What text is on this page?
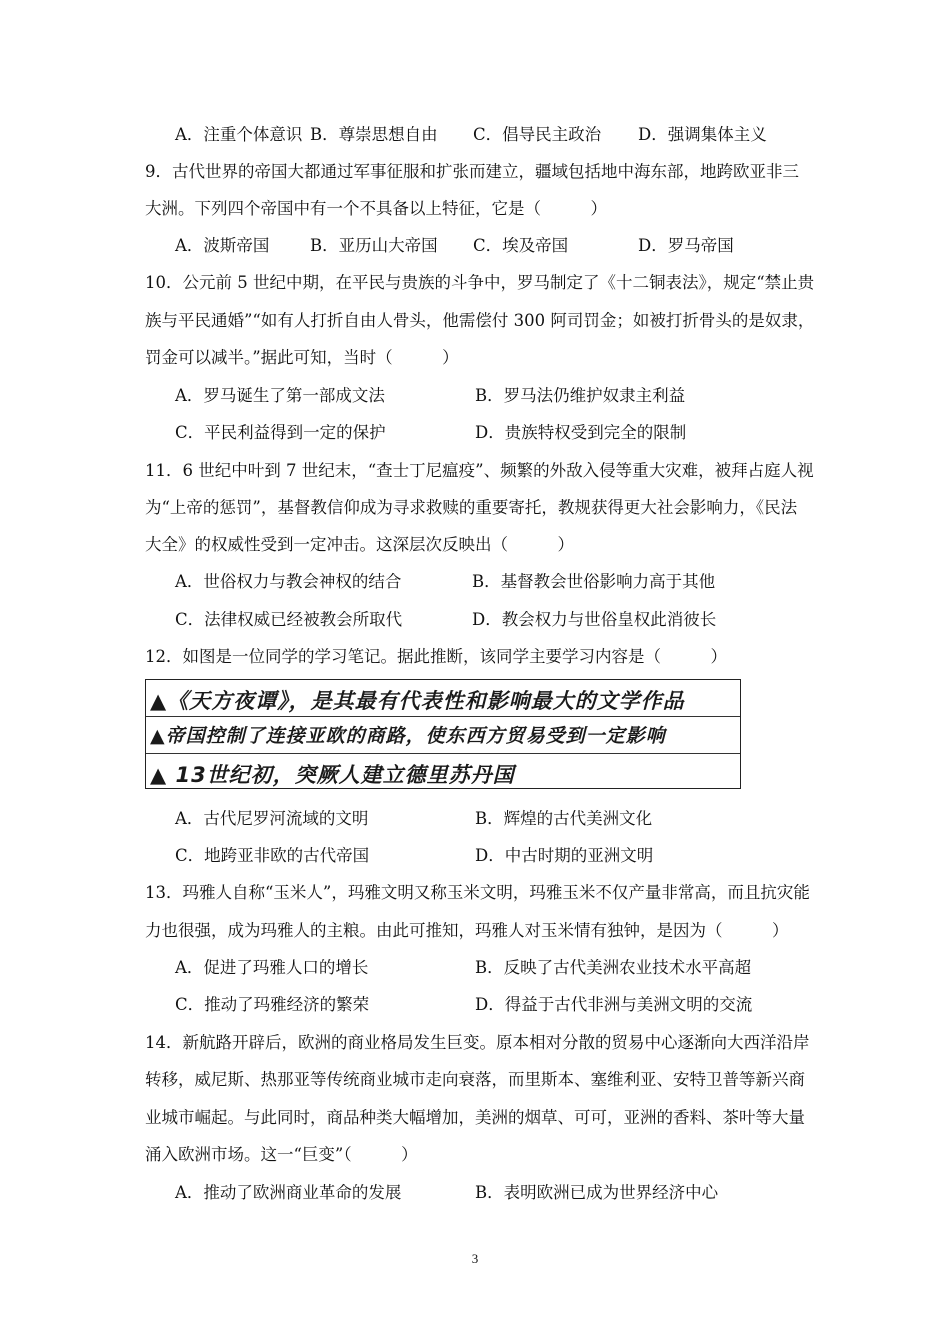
A．注重个体意识 B．尊崇思想自由 C．倡导民主政治 D．强调集体主义
9．古代世界的帝国大都通过军事征服和扩张而建立，疆域包括地中海东部，地跨欧亚非三
大洲。下列四个帝国中有一个不具备以上特征，它是（　　　）
A．波斯帝国 B．亚历山大帝国 C．埃及帝国	D．罗马帝国
10．公元前 5 世纪中期，在平民与贵族的斗争中，罗马制定了《十二铜表法》，规定“禁止贵
族与平民通婚”“如有人打折自由人骨头，他需偿付 300 阿司罚金；如被打折骨头的是奴隶，
罚金可以减半。”据此可知，当时（　　　）
A．罗马诞生了第一部成文法	B．罗马法仍维护奴隶主利益
C．平民利益得到一定的保护	D．贵族特权受到完全的限制
11．6 世纪中叶到 7 世纪末，“查士丁尼瘟疫”、频繁的外敌入侵等重大灾难，被拜占庭人视
为“上帝的惩罚”，基督教信仰成为寻求救赎的重要寄托，教规获得更大社会影响力，《民法
大全》的权威性受到一定冲击。这深层次反映出（　　　）
A．世俗权力与教会神权的结合	B．基督教会世俗影响力高于其他
C．法律权威已经被教会所取代	D．教会权力与世俗皇权此消彼长
12．如图是一位同学的学习笔记。据此推断，该同学主要学习内容是（　　　）
▲《天方夜谭》，是其最有代表性和影响最大的文学作品
▲帝国控制了连接亚欧的商路，使东西方贸易受到一定影响
▲ 13世纪初，突厥人建立德里苏丹国
A．古代尼罗河流域的文明	B．辉煌的古代美洲文化
C．地跨亚非欧的古代帝国	D．中古时期的亚洲文明
13．玛雅人自称“玉米人”，玛雅文明又称玉米文明，玛雅玉米不仅产量非常高，而且抗灾能
力也很强，成为玛雅人的主粮。由此可推知，玛雅人对玉米情有独钟，是因为（　　　）
A．促进了玛雅人口的增长	B．反映了古代美洲农业技术水平高超
C．推动了玛雅经济的繁荣	D．得益于古代非洲与美洲文明的交流
14．新航路开辟后，欧洲的商业格局发生巨变。原本相对分散的贸易中心逐渐向大西洋沿岸
转移，威尼斯、热那亚等传统商业城市走向衰落，而里斯本、塞维利亚、安特卫普等新兴商
业城市崛起。与此同时，商品种类大幅增加，美洲的烟草、可可，亚洲的香料、茶叶等大量
涌入欧洲市场。这一“巨变”（　　　）
A．推动了欧洲商业革命的发展	B．表明欧洲已成为世界经济中心
3
